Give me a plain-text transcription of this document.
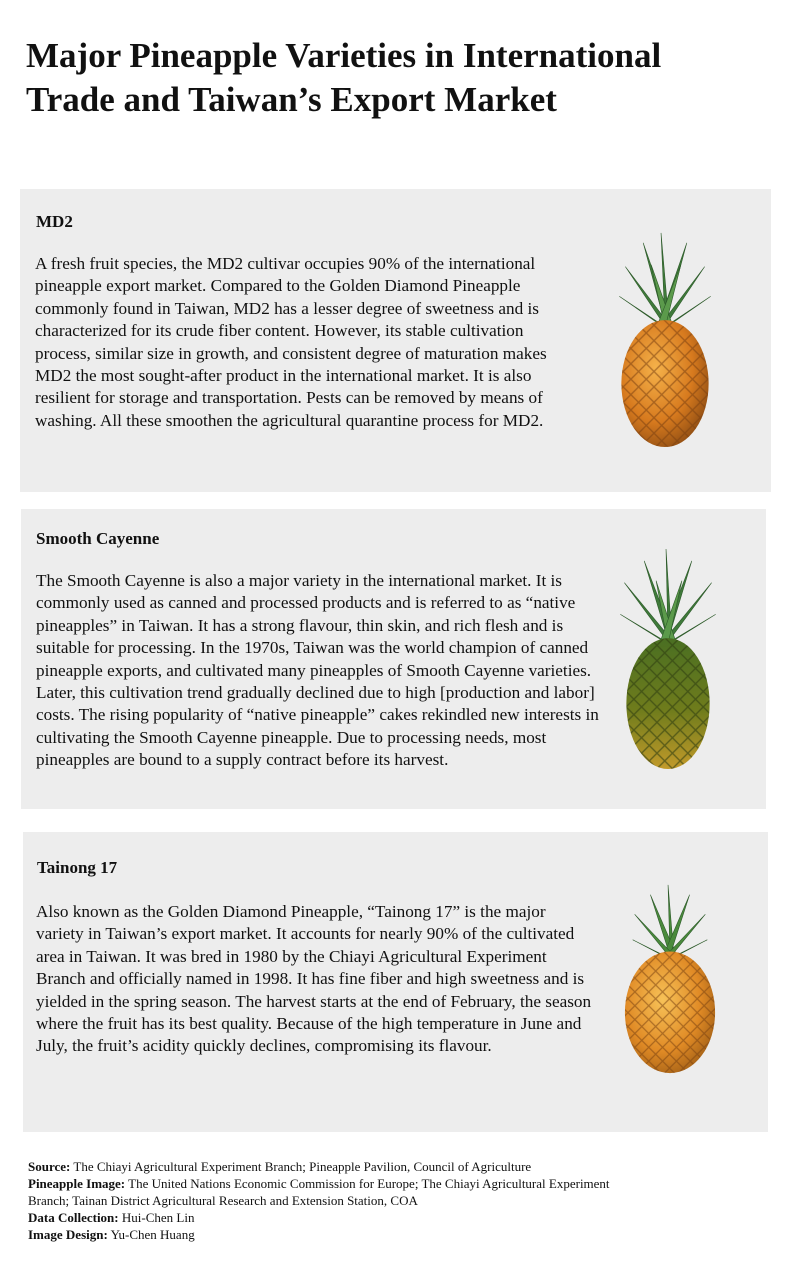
Major Pineapple Varieties in International Trade and Taiwan’s Export Market
MD2

A fresh fruit species, the MD2 cultivar occupies 90% of the international pineapple export market. Compared to the Golden Diamond Pineapple commonly found in Taiwan, MD2 has a lesser degree of sweetness and is characterized for its crude fiber content. However, its stable cultivation process, similar size in growth, and consistent degree of maturation makes MD2 the most sought-after product in the international market. It is also resilient for storage and transportation. Pests can be removed by means of washing. All these smoothen the agricultural quarantine process for MD2.

Smooth Cayenne

The Smooth Cayenne is also a major variety in the international market. It is commonly used as canned and processed products and is referred to as “native pineapples” in Taiwan. It has a strong flavour, thin skin, and rich flesh and is suitable for processing. In the 1970s, Taiwan was the world champion of canned pineapple exports, and cultivated many pineapples of Smooth Cayenne varieties. Later, this cultivation trend gradually declined due to high [production and labor] costs. The rising popularity of “native pineapple” cakes rekindled new interests in cultivating the Smooth Cayenne pineapple. Due to processing needs, most pineapples are bound to a supply contract before its harvest.

Tainong 17

Also known as the Golden Diamond Pineapple, “Tainong 17” is the major variety in Taiwan’s export market. It accounts for nearly 90% of the cultivated area in Taiwan. It was bred in 1980 by the Chiayi Agricultural Experiment Branch and officially named in 1998. It has fine fiber and high sweetness and is yielded in the spring season. The harvest starts at the end of February, the season where the fruit has its best quality. Because of the high temperature in June and July, the fruit’s acidity quickly declines, compromising its flavour.

Source: The Chiayi Agricultural Experiment Branch; Pineapple Pavilion, Council of Agriculture

Pineapple Image: The United Nations Economic Commission for Europe; The Chiayi Agricultural Experiment Branch; Tainan District Agricultural Research and Extension Station, COA

Data Collection: Hui-Chen Lin

Image Design: Yu-Chen Huang
